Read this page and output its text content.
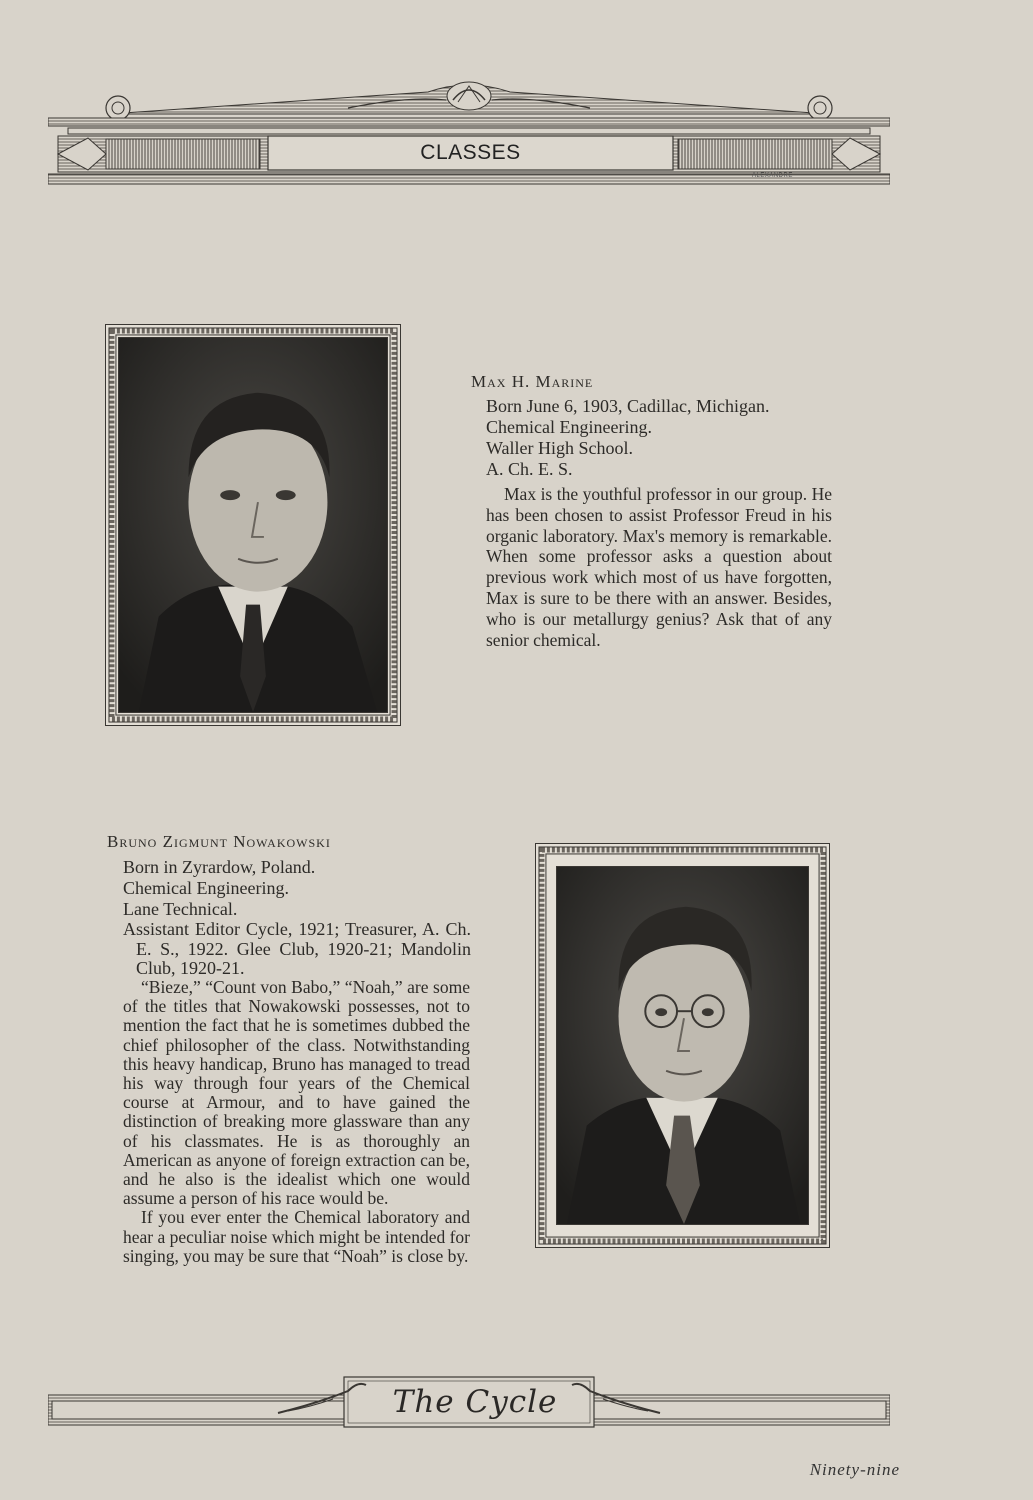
CLASSES
ALEXANDRE
Max H. Marine
Born June 6, 1903, Cadillac, Michigan.
Chemical Engineering.
Waller High School.
A. Ch. E. S.

Max is the youthful professor in our group. He has been chosen to assist Professor Freud in his organic laboratory. Max's memory is remarkable. When some professor asks a question about previous work which most of us have forgotten, Max is sure to be there with an answer. Besides, who is our metallurgy genius? Ask that of any senior chemical.

Bruno Zigmunt Nowakowski
Born in Zyrardow, Poland.
Chemical Engineering.
Lane Technical.

Assistant Editor Cycle, 1921; Treasurer, A. Ch. E. S., 1922. Glee Club, 1920-21; Mandolin Club, 1920-21.

“Bieze,” “Count von Babo,” “Noah,” are some of the titles that Nowakowski possesses, not to mention the fact that he is sometimes dubbed the chief philosopher of the class. Notwithstanding this heavy handicap, Bruno has managed to tread his way through four years of the Chemical course at Armour, and to have gained the distinction of breaking more glassware than any of his classmates. He is as thoroughly an American as anyone of foreign extraction can be, and he also is the idealist which one would assume a person of his race would be.

If you ever enter the Chemical laboratory and hear a peculiar noise which might be intended for singing, you may be sure that “Noah” is close by.

The Cycle
Ninety-nine
